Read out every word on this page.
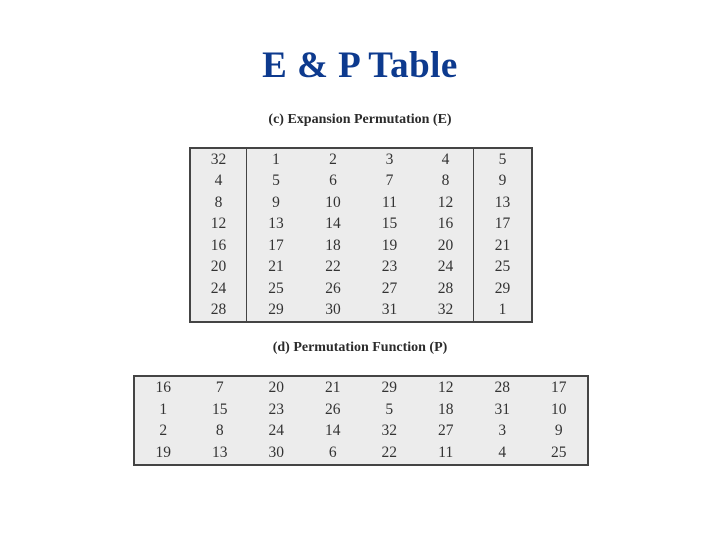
E & P Table
(c) Expansion Permutation (E)
32	1	2	3	4	5
4	5	6	7	8	9
8	9	10	11	12	13
12	13	14	15	16	17
16	17	18	19	20	21
20	21	22	23	24	25
24	25	26	27	28	29
28	29	30	31	32	1
(d) Permutation Function (P)
16	7	20	21	29	12	28	17
1	15	23	26	5	18	31	10
2	8	24	14	32	27	3	9
19	13	30	6	22	11	4	25
